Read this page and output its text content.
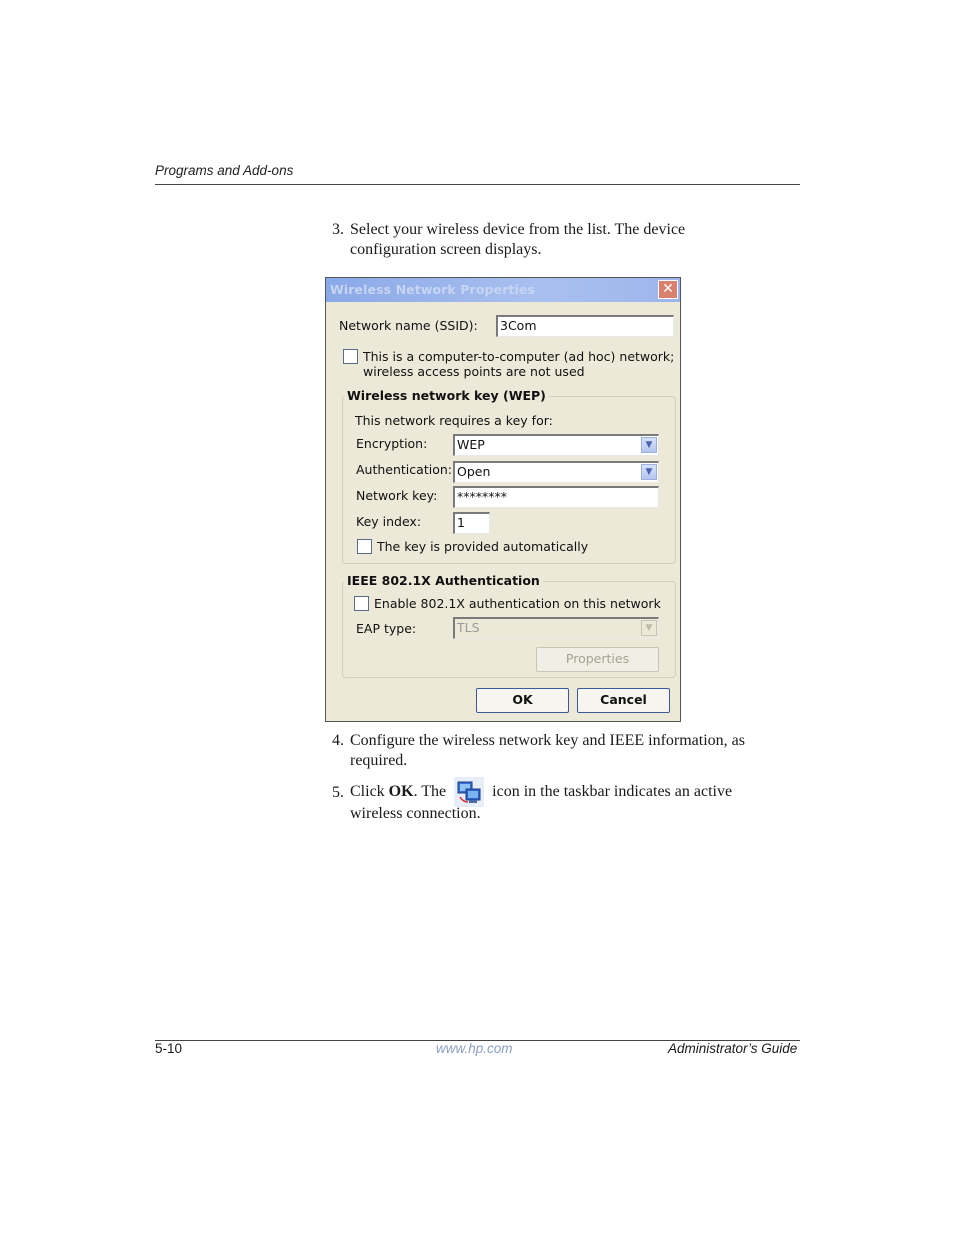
Programs and Add-ons
3. Select your wireless device from the list. The device configuration screen displays.
Wireless Network Properties	✕
Network name (SSID):	3Com
This is a computer-to-computer (ad hoc) network;
wireless access points are not used
Wireless network key (WEP)
This network requires a key for:
Encryption:	WEP	▼
Authentication: Open	▼
Network key:	********
Key index:	1
The key is provided automatically
IEEE 802.1X Authentication
Enable 802.1X authentication on this network
EAP type:	TLS	▼
Properties
OK	Cancel
4. Configure the wireless network key and IEEE information, as required.
5. Click OK. The	icon in the taskbar indicates an active
wireless connection.
5-10	www.hp.com	Administrator’s Guide
